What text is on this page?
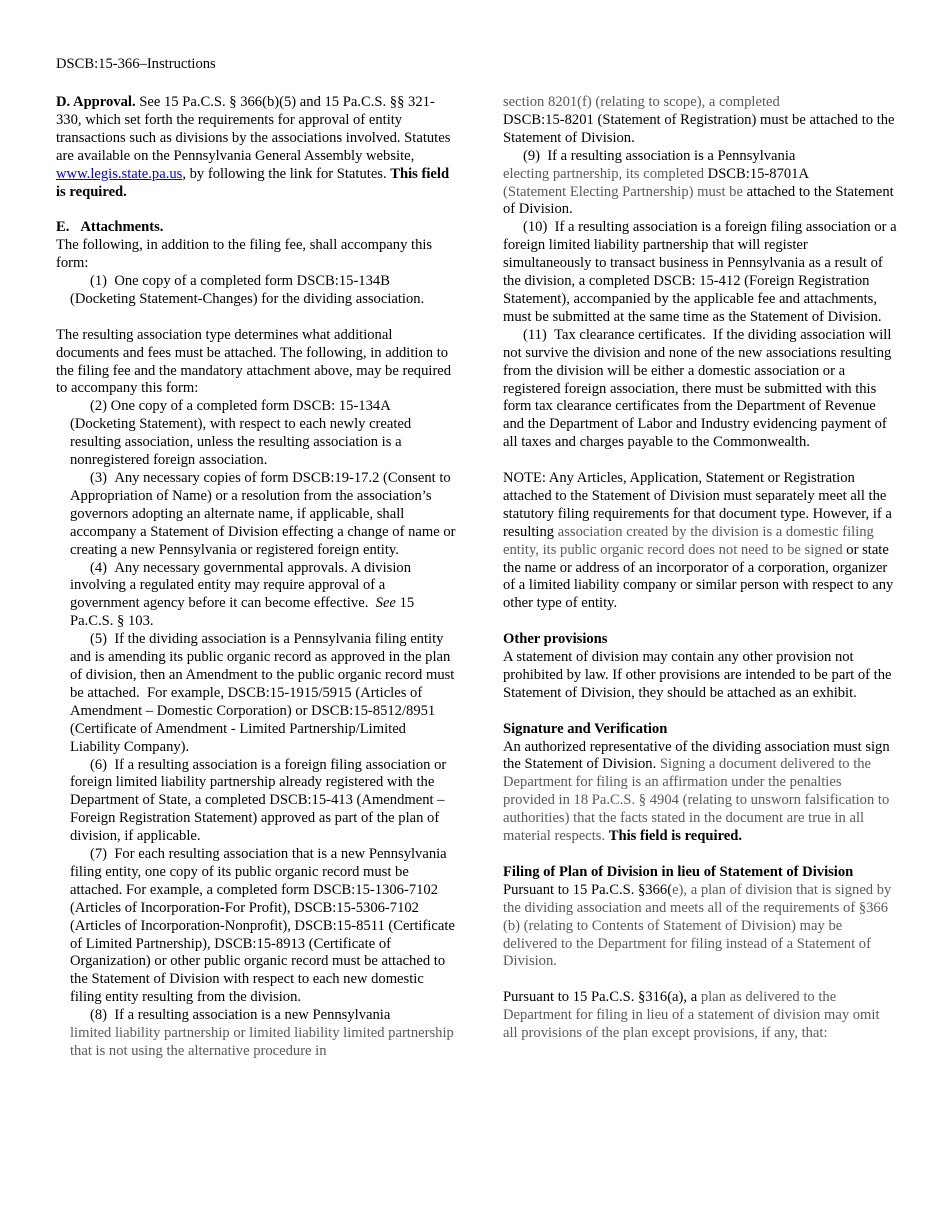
DSCB:15-366–Instructions

D. Approval. See 15 Pa.C.S. § 366(b)(5) and 15 Pa.C.S. §§ 321-330, which set forth the requirements for approval of entity transactions such as divisions by the associations involved. Statutes are available on the Pennsylvania General Assembly website, www.legis.state.pa.us, by following the link for Statutes. This field is required.

E.   Attachments.

The following, in addition to the filing fee, shall accompany this form:

(1)  One copy of a completed form DSCB:15-134B (Docketing Statement-Changes) for the dividing association.

The resulting association type determines what additional documents and fees must be attached. The following, in addition to the filing fee and the mandatory attachment above, may be required to accompany this form:

(2) One copy of a completed form DSCB: 15-134A (Docketing Statement), with respect to each newly created resulting association, unless the resulting association is a nonregistered foreign association.

(3)  Any necessary copies of form DSCB:19-17.2 (Consent to Appropriation of Name) or a resolution from the association’s governors adopting an alternate name, if applicable, shall accompany a Statement of Division effecting a change of name or creating a new Pennsylvania or registered foreign entity.

(4)  Any necessary governmental approvals. A division involving a regulated entity may require approval of a government agency before it can become effective.  See 15 Pa.C.S. § 103.

(5)  If the dividing association is a Pennsylvania filing entity and is amending its public organic record as approved in the plan of division, then an Amendment to the public organic record must be attached.  For example, DSCB:15-1915/5915 (Articles of Amendment – Domestic Corporation) or DSCB:15-8512/8951 (Certificate of Amendment - Limited Partnership/Limited Liability Company).

(6)  If a resulting association is a foreign filing association or foreign limited liability partnership already registered with the Department of State, a completed DSCB:15-413 (Amendment – Foreign Registration Statement) approved as part of the plan of division, if applicable.

(7)  For each resulting association that is a new Pennsylvania filing entity, one copy of its public organic record must be attached. For example, a completed form DSCB:15-1306-7102 (Articles of Incorporation-For Profit), DSCB:15-5306-7102 (Articles of Incorporation-Nonprofit), DSCB:15-8511 (Certificate of Limited Partnership), DSCB:15-8913 (Certificate of Organization) or other public organic record must be attached to the Statement of Division with respect to each new domestic filing entity resulting from the division.

(8)  If a resulting association is a new Pennsylvania

limited liability partnership or limited liability limited partnership that is not using the alternative procedure in

section 8201(f) (relating to scope), a completed

DSCB:15-8201 (Statement of Registration) must be attached to the Statement of Division.

(9)  If a resulting association is a Pennsylvania
electing partnership, its completed DSCB:15-8701A
(Statement Electing Partnership) must be attached to the Statement of Division.

(10)  If a resulting association is a foreign filing association or a foreign limited liability partnership that will register simultaneously to transact business in Pennsylvania as a result of the division, a completed DSCB: 15-412 (Foreign Registration Statement), accompanied by the applicable fee and attachments, must be submitted at the same time as the Statement of Division.

(11)  Tax clearance certificates.  If the dividing association will not survive the division and none of the new associations resulting from the division will be either a domestic association or a registered foreign association, there must be submitted with this form tax clearance certificates from the Department of Revenue and the Department of Labor and Industry evidencing payment of all taxes and charges payable to the Commonwealth.

NOTE: Any Articles, Application, Statement or Registration attached to the Statement of Division must separately meet all the statutory filing requirements for that document type. However, if a resulting association created by the division is a domestic filing entity, its public organic record does not need to be signed or state the name or address of an incorporator of a corporation, organizer of a limited liability company or similar person with respect to any other type of entity.

Other provisions

A statement of division may contain any other provision not prohibited by law. If other provisions are intended to be part of the Statement of Division, they should be attached as an exhibit.

Signature and Verification

An authorized representative of the dividing association must sign the Statement of Division. Signing a document delivered to the Department for filing is an affirmation under the penalties provided in 18 Pa.C.S. § 4904 (relating to unsworn falsification to authorities) that the facts stated in the document are true in all material respects. This field is required.

Filing of Plan of Division in lieu of Statement of Division

Pursuant to 15 Pa.C.S. §366(e), a plan of division that is signed by the dividing association and meets all of the requirements of §366 (b) (relating to Contents of Statement of Division) may be delivered to the Department for filing instead of a Statement of Division.

Pursuant to 15 Pa.C.S. §316(a), a plan as delivered to the Department for filing in lieu of a statement of division may omit all provisions of the plan except provisions, if any, that:
